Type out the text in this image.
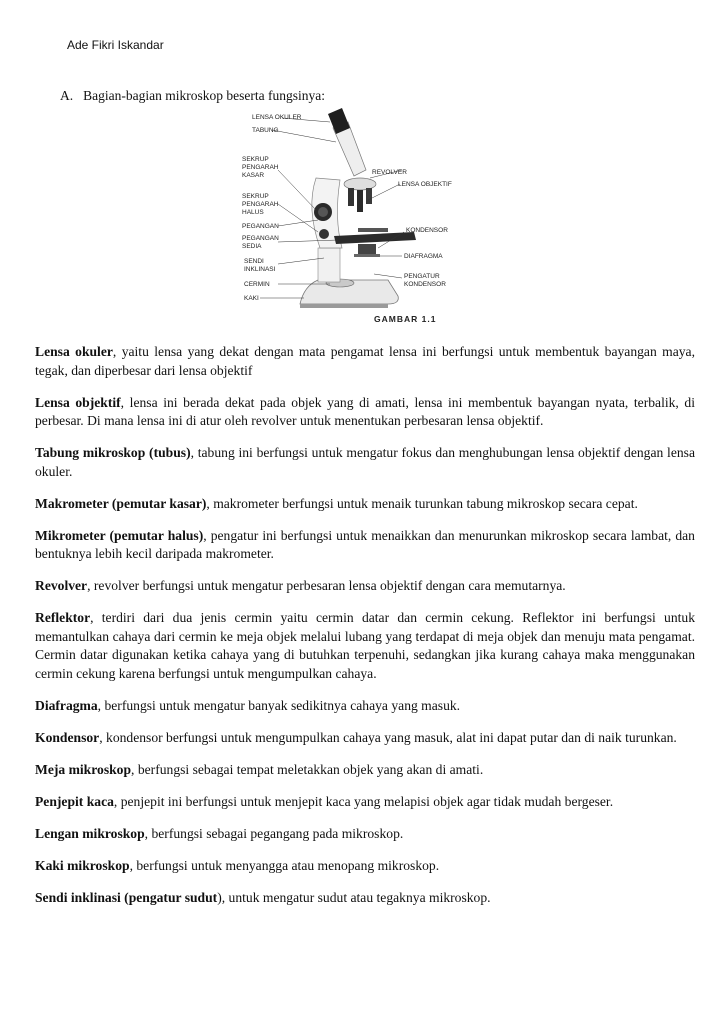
Ade Fikri Iskandar
A. Bagian-bagian mikroskop beserta fungsinya:
LENSA OKULER
TABUNG
SEKRUP
PENGARAH
KASAR
SEKRUP
PENGARAH
HALUS
PEGANGAN
PEGANGAN
SEDIA
SENDI
INKLINASI
CERMIN
KAKI
REVOLVER
LENSA OBJEKTIF
KONDENSOR
DIAFRAGMA
PENGATUR
KONDENSOR
GAMBAR 1.1

Lensa okuler, yaitu lensa yang dekat dengan mata pengamat lensa ini berfungsi untuk membentuk bayangan maya, tegak, dan diperbesar dari lensa objektif

Lensa objektif, lensa ini berada dekat pada objek yang di amati, lensa ini membentuk bayangan nyata, terbalik, di perbesar. Di mana lensa ini di atur oleh revolver untuk menentukan perbesaran lensa objektif.

Tabung mikroskop (tubus), tabung ini berfungsi untuk mengatur fokus dan menghubungan lensa objektif dengan lensa okuler.

Makrometer (pemutar kasar), makrometer berfungsi untuk menaik turunkan tabung mikroskop secara cepat.

Mikrometer (pemutar halus), pengatur ini berfungsi untuk menaikkan dan menurunkan mikroskop secara lambat, dan bentuknya lebih kecil daripada makrometer.

Revolver, revolver berfungsi untuk mengatur perbesaran lensa objektif dengan cara memutarnya.

Reflektor, terdiri dari dua jenis cermin yaitu cermin datar dan cermin cekung. Reflektor ini berfungsi untuk memantulkan cahaya dari cermin ke meja objek melalui lubang yang terdapat di meja objek dan menuju mata pengamat. Cermin datar digunakan ketika cahaya yang di butuhkan terpenuhi, sedangkan jika kurang cahaya maka menggunakan cermin cekung karena berfungsi untuk mengumpulkan cahaya.

Diafragma, berfungsi untuk mengatur banyak sedikitnya cahaya yang masuk.

Kondensor, kondensor berfungsi untuk mengumpulkan cahaya yang masuk, alat ini dapat putar dan di naik turunkan.

Meja mikroskop, berfungsi sebagai tempat meletakkan objek yang akan di amati.

Penjepit kaca, penjepit ini berfungsi untuk menjepit kaca yang melapisi objek agar tidak mudah bergeser.

Lengan mikroskop, berfungsi sebagai pegangang pada mikroskop.

Kaki mikroskop, berfungsi untuk menyangga atau menopang mikroskop.

Sendi inklinasi (pengatur sudut), untuk mengatur sudut atau tegaknya mikroskop.
